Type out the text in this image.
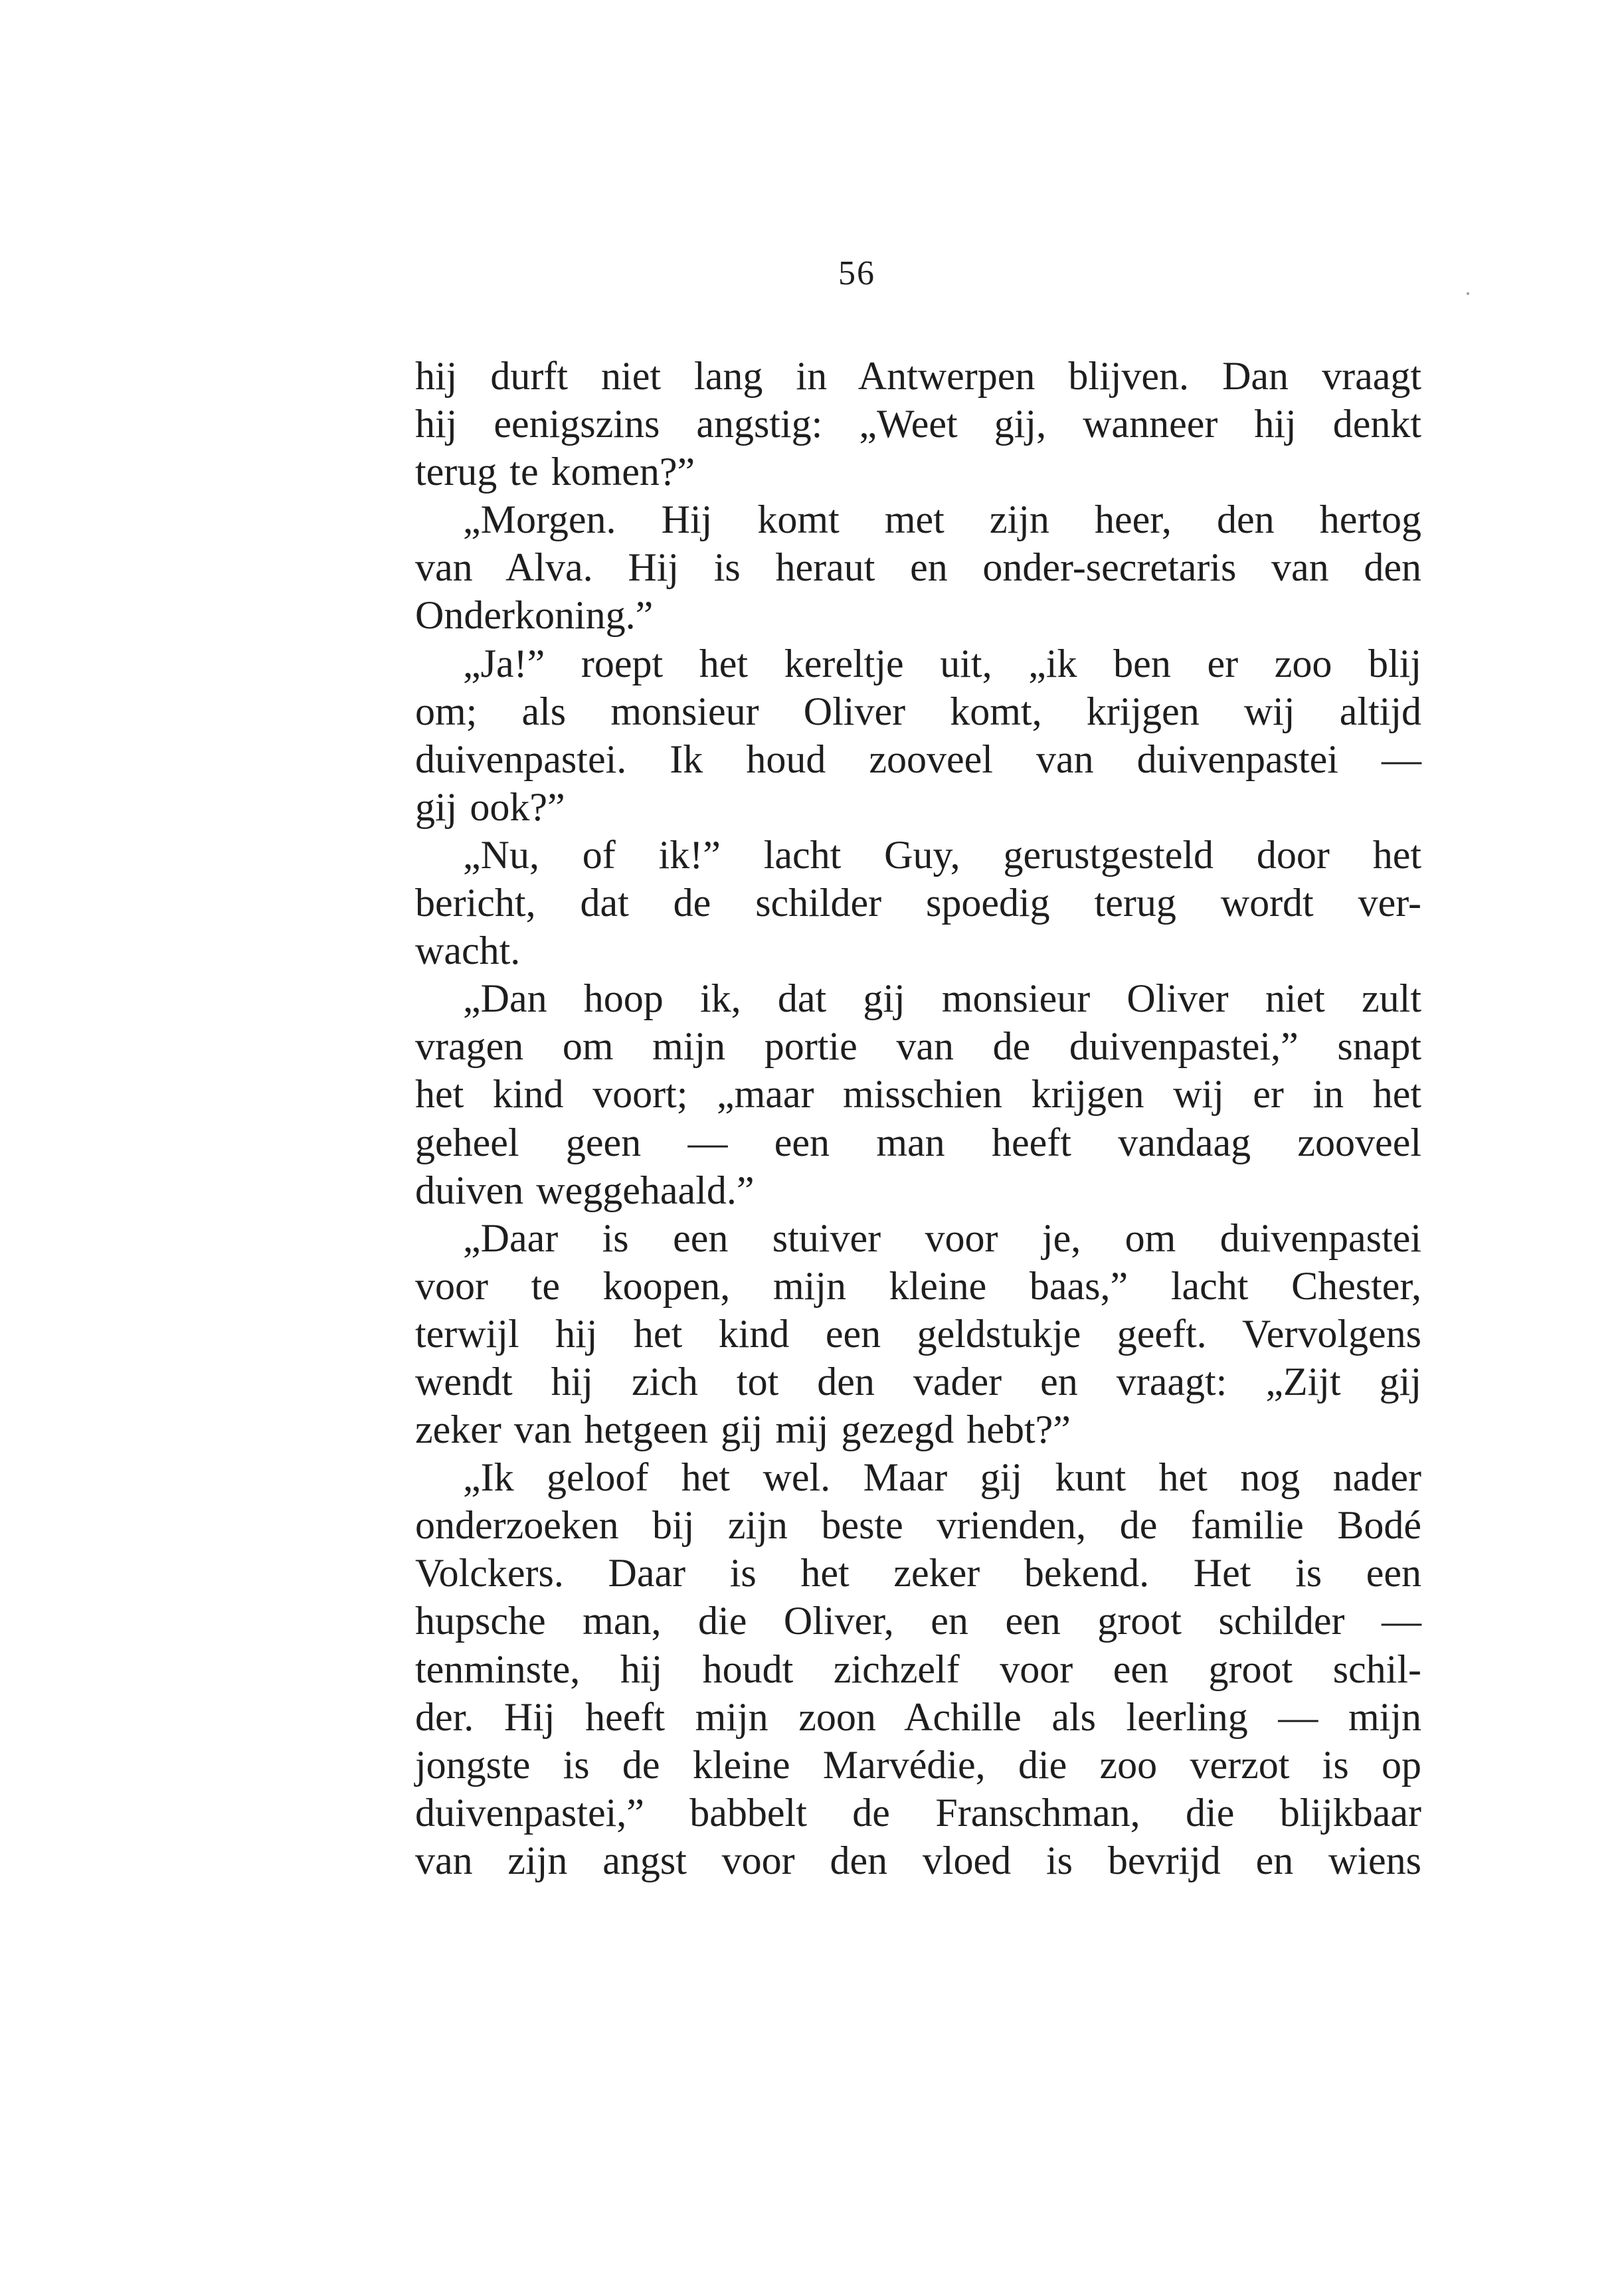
56
hij durft niet lang in Antwerpen blijven. Dan vraagt
hij eenigszins angstig: „Weet gij, wanneer hij denkt
terug te komen?”
„Morgen. Hij komt met zijn heer, den hertog
van Alva. Hij is heraut en onder-secretaris van den
Onderkoning.”
„Ja!” roept het kereltje uit, „ik ben er zoo blij
om; als monsieur Oliver komt, krijgen wij altijd
duivenpastei. Ik houd zooveel van duivenpastei —
gij ook?”
„Nu, of ik!” lacht Guy, gerustgesteld door het
bericht, dat de schilder spoedig terug wordt ver-
wacht.
„Dan hoop ik, dat gij monsieur Oliver niet zult
vragen om mijn portie van de duivenpastei,” snapt
het kind voort; „maar misschien krijgen wij er in het
geheel geen — een man heeft vandaag zooveel
duiven weggehaald.”
„Daar is een stuiver voor je, om duivenpastei
voor te koopen, mijn kleine baas,” lacht Chester,
terwijl hij het kind een geldstukje geeft. Vervolgens
wendt hij zich tot den vader en vraagt: „Zijt gij
zeker van hetgeen gij mij gezegd hebt?”
„Ik geloof het wel. Maar gij kunt het nog nader
onderzoeken bij zijn beste vrienden, de familie Bodé
Volckers. Daar is het zeker bekend. Het is een
hupsche man, die Oliver, en een groot schilder —
tenminste, hij houdt zichzelf voor een groot schil-
der. Hij heeft mijn zoon Achille als leerling — mijn
jongste is de kleine Marvédie, die zoo verzot is op
duivenpastei,” babbelt de Franschman, die blijkbaar
van zijn angst voor den vloed is bevrijd en wiens
